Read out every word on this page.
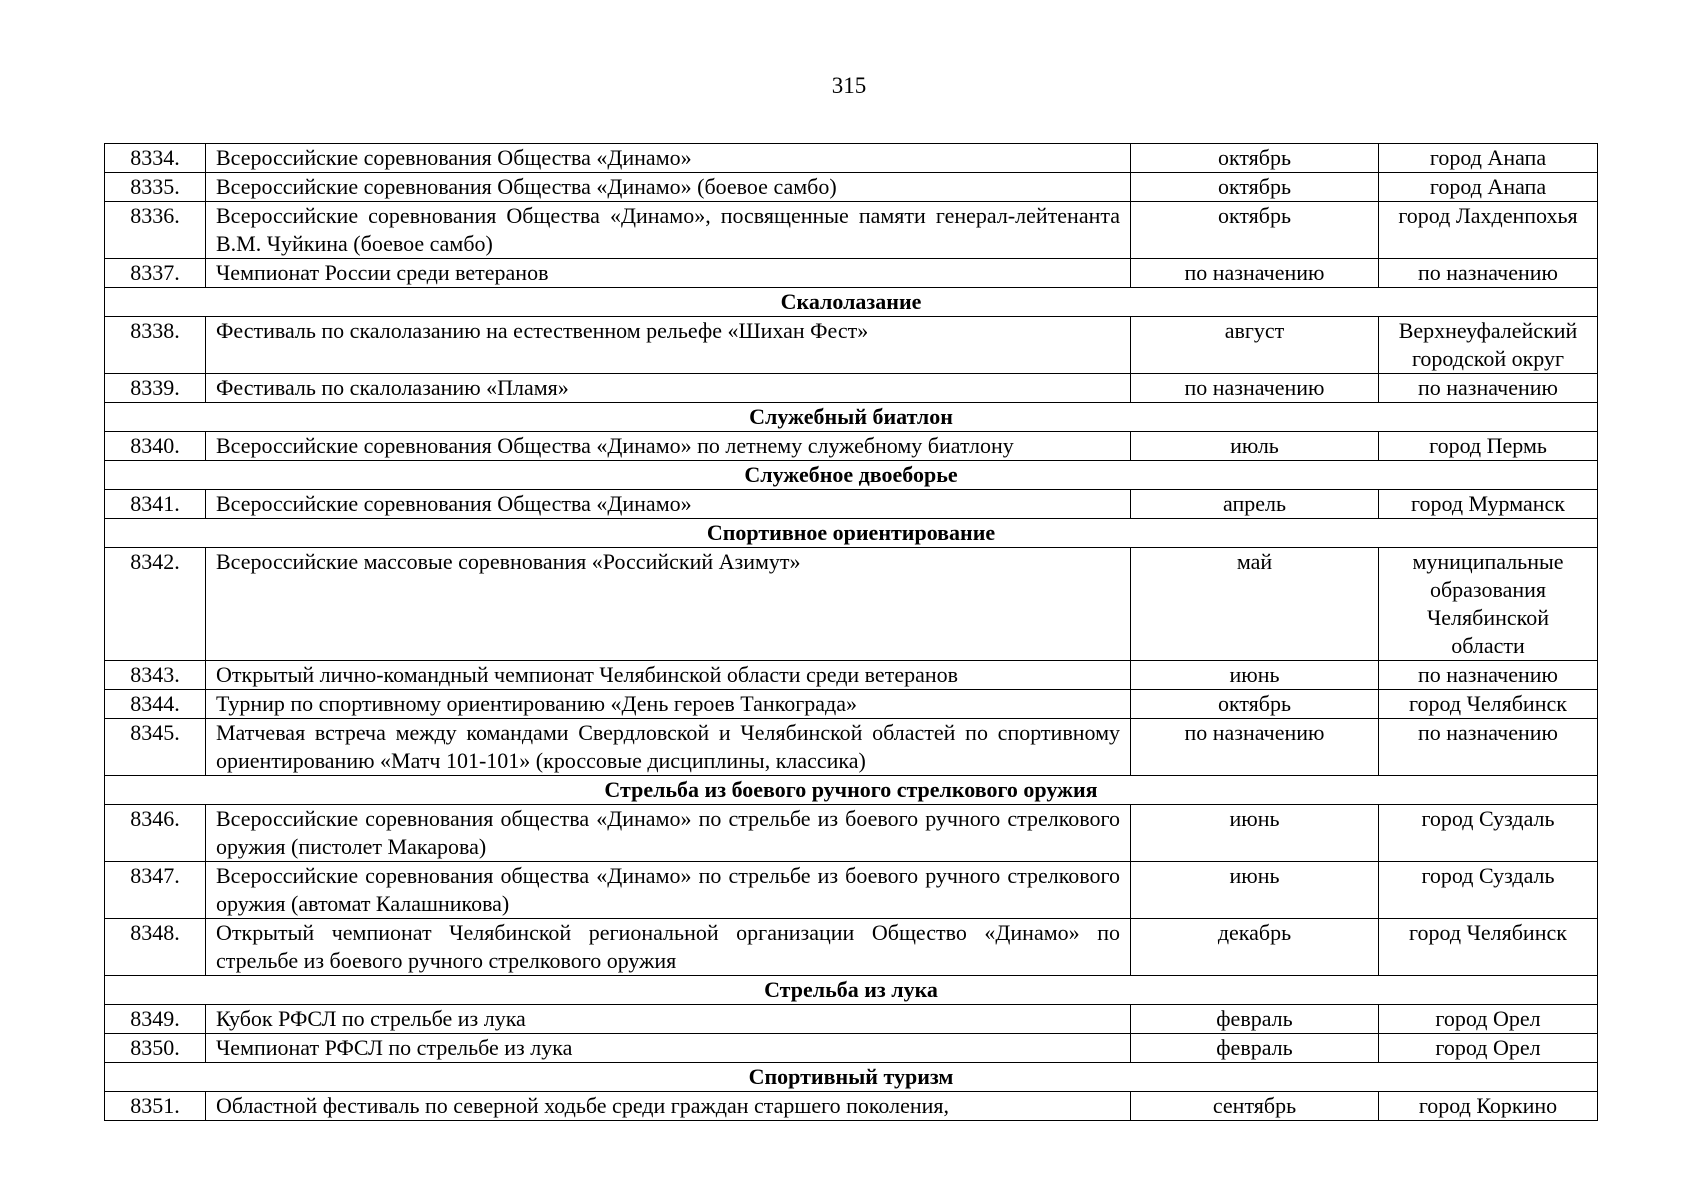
315
8334.	Всероссийские соревнования Общества «Динамо»	октябрь	город Анапа
8335.	Всероссийские соревнования Общества «Динамо» (боевое самбо)	октябрь	город Анапа
8336.	Всероссийские соревнования Общества «Динамо», посвященные памяти генерал-лейтенанта В.М. Чуйкина (боевое самбо)	октябрь	город Лахденпохья
8337.	Чемпионат России среди ветеранов	по назначению	по назначению
Скалолазание			
8338.	Фестиваль по скалолазанию на естественном рельефе «Шихан Фест»	август	Верхнеуфалейский городской округ
8339.	Фестиваль по скалолазанию «Пламя»	по назначению	по назначению
Служебный биатлон			
8340.	Всероссийские соревнования Общества «Динамо» по летнему служебному биатлону	июль	город Пермь
Служебное двоеборье			
8341.	Всероссийские соревнования Общества «Динамо»	апрель	город Мурманск
Спортивное ориентирование			
8342.	Всероссийские массовые соревнования «Российский Азимут»	май	муниципальные образования Челябинской области
8343.	Открытый лично-командный чемпионат Челябинской области среди ветеранов	июнь	по назначению
8344.	Турнир по спортивному ориентированию «День героев Танкограда»	октябрь	город Челябинск
8345.	Матчевая встреча между командами Свердловской и Челябинской областей по спортивному ориентированию «Матч 101-101» (кроссовые дисциплины, классика)	по назначению	по назначению
Стрельба из боевого ручного стрелкового оружия			
8346.	Всероссийские соревнования общества «Динамо» по стрельбе из боевого ручного стрелкового оружия (пистолет Макарова)	июнь	город Суздаль
8347.	Всероссийские соревнования общества «Динамо» по стрельбе из боевого ручного стрелкового оружия (автомат Калашникова)	июнь	город Суздаль
8348.	Открытый чемпионат Челябинской региональной организации Общество «Динамо» по стрельбе из боевого ручного стрелкового оружия	декабрь	город Челябинск
Стрельба из лука			
8349.	Кубок РФСЛ по стрельбе из лука	февраль	город Орел
8350.	Чемпионат РФСЛ по стрельбе из лука	февраль	город Орел
Спортивный туризм			
8351.	Областной фестиваль по северной ходьбе среди граждан старшего поколения,	сентябрь	город Коркино
